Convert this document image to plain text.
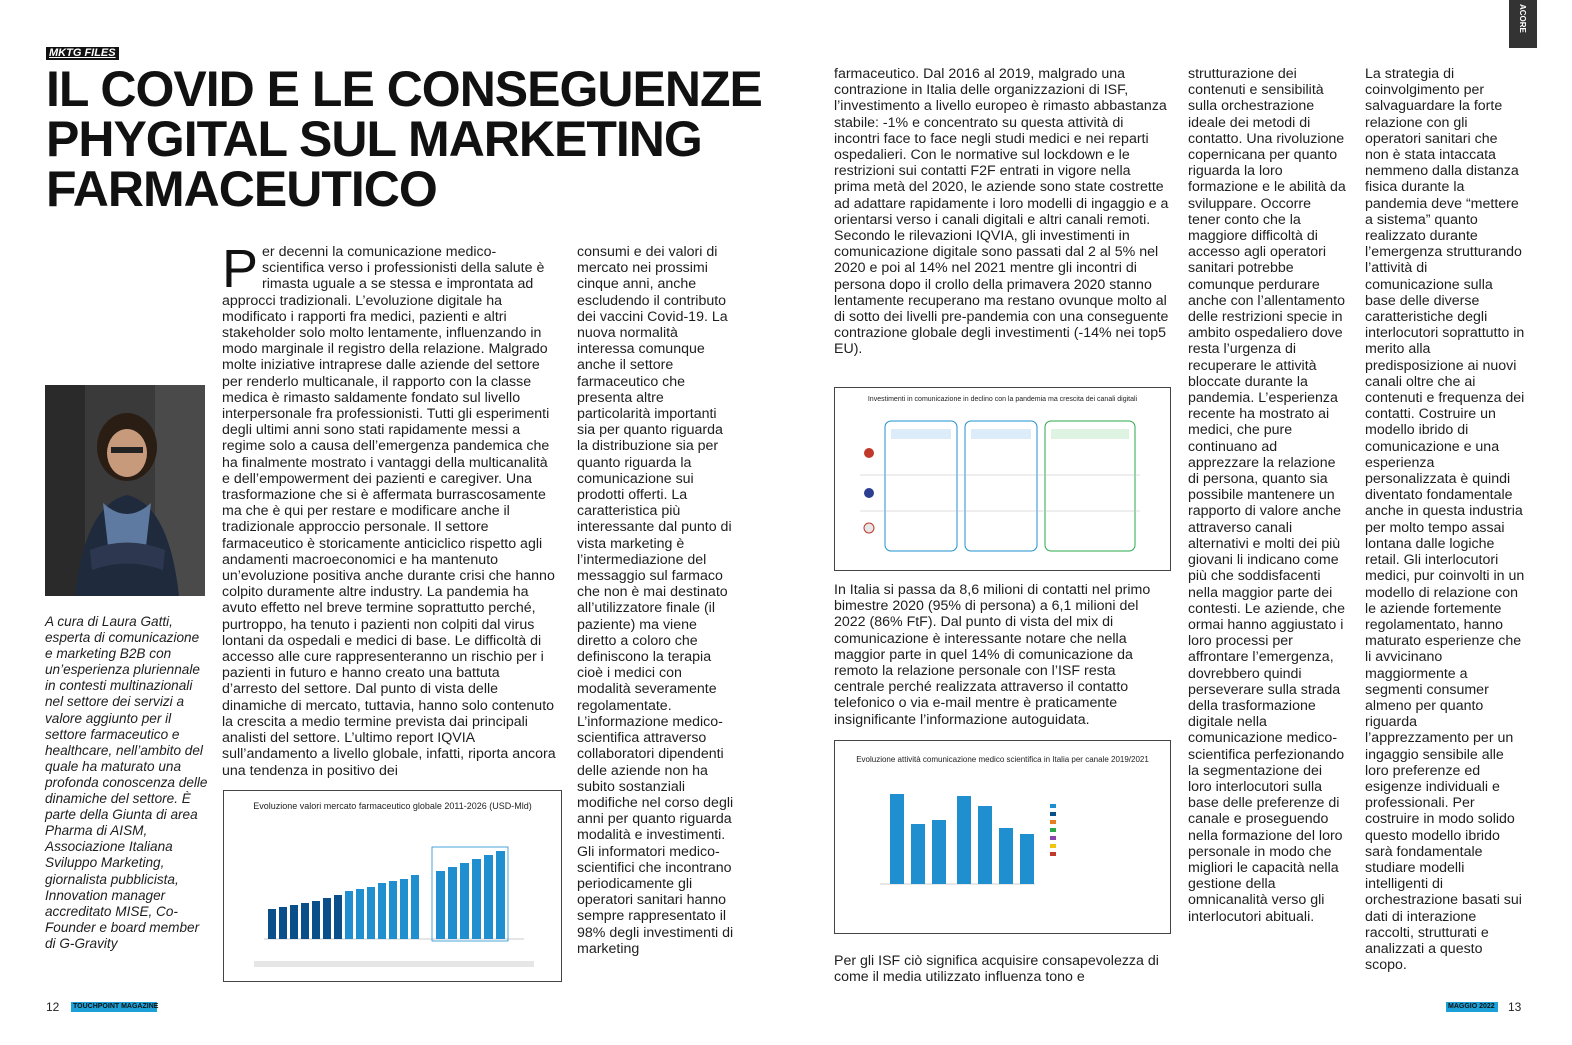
MKTG FILES
IL COVID E LE CONSEGUENZE
PHYGITAL SUL MARKETING
FARMACEUTICO
Per decenni la comunicazione medico-scientifica verso i professionisti della salute è rimasta uguale a se stessa e improntata ad approcci tradizionali. L’evoluzione digitale ha modificato i rapporti fra medici, pazienti e altri stakeholder solo molto lentamente, influenzando in modo marginale il registro della relazione. Malgrado molte iniziative intraprese dalle aziende del settore per renderlo multicanale, il rapporto con la classe medica è rimasto saldamente fondato sul livello interpersonale fra professionisti. Tutti gli esperimenti degli ultimi anni sono stati rapidamente messi a regime solo a causa dell’emergenza pandemica che ha finalmente mostrato i vantaggi della multicanalità e dell’empowerment dei pazienti e caregiver. Una trasformazione che si è affermata burrascosamente ma che è qui per restare e modificare anche il tradizionale approccio personale. Il settore farmaceutico è storicamente anticiclico rispetto agli andamenti macroeconomici e ha mantenuto un’evoluzione positiva anche durante crisi che hanno colpito duramente altre industry. La pandemia ha avuto effetto nel breve termine soprattutto perché, purtroppo, ha tenuto i pazienti non colpiti dal virus lontani da ospedali e medici di base. Le difficoltà di accesso alle cure rappresenteranno un rischio per i pazienti in futuro e hanno creato una battuta d’arresto del settore. Dal punto di vista delle dinamiche di mercato, tuttavia, hanno solo contenuto la crescita a medio termine prevista dai principali analisti del settore. L’ultimo report IQVIA sull’andamento a livello globale, infatti, riporta ancora una tendenza in positivo dei
consumi e dei valori di mercato nei prossimi cinque anni, anche escludendo il contributo dei vaccini Covid-19. La nuova normalità interessa comunque anche il settore farmaceutico che presenta altre particolarità importanti sia per quanto riguarda la distribuzione sia per quanto riguarda la comunicazione sui prodotti offerti. La caratteristica più interessante dal punto di vista marketing è l’intermediazione del messaggio sul farmaco che non è mai destinato all’utilizzatore finale (il paziente) ma viene diretto a coloro che definiscono la terapia cioè i medici con modalità severamente regolamentate. L’informazione medico-scientifica attraverso collaboratori dipendenti delle aziende non ha subito sostanziali modifiche nel corso degli anni per quanto riguarda modalità e investimenti. Gli informatori medico-scientifici che incontrano periodicamente gli operatori sanitari hanno sempre rappresentato il 98% degli investimenti di marketing
A cura di Laura Gatti, esperta di comunicazione e marketing B2B con un’esperienza pluriennale in contesti multinazionali nel settore dei servizi a valore aggiunto per il settore farmaceutico e healthcare, nell’ambito del quale ha maturato una profonda conoscenza delle dinamiche del settore. È parte della Giunta di area Pharma di AISM, Associazione Italiana Sviluppo Marketing, giornalista pubblicista, Innovation manager accreditato MISE, Co-Founder e board member di G-Gravity
Evoluzione valori mercato farmaceutico globale 2011-2026 (USD-Mld)
12 TOUCHPOINT MAGAZINE
ACORE
farmaceutico. Dal 2016 al 2019, malgrado una contrazione in Italia delle organizzazioni di ISF, l’investimento a livello europeo è rimasto abbastanza stabile: -1% e concentrato su questa attività di incontri face to face negli studi medici e nei reparti ospedalieri. Con le normative sul lockdown e le restrizioni sui contatti F2F entrati in vigore nella prima metà del 2020, le aziende sono state costrette ad adattare rapidamente i loro modelli di ingaggio e a orientarsi verso i canali digitali e altri canali remoti. Secondo le rilevazioni IQVIA, gli investimenti in comunicazione digitale sono passati dal 2 al 5% nel 2020 e poi al 14% nel 2021 mentre gli incontri di persona dopo il crollo della primavera 2020 stanno lentamente recuperano ma restano ovunque molto al di sotto dei livelli pre-pandemia con una conseguente contrazione globale degli investimenti (-14% nei top5 EU).
Investimenti in comunicazione in declino con la pandemia ma crescita dei canali digitali
In Italia si passa da 8,6 milioni di contatti nel primo bimestre 2020 (95% di persona) a 6,1 milioni del 2022 (86% FtF). Dal punto di vista del mix di comunicazione è interessante notare che nella maggior parte in quel 14% di comunicazione da remoto la relazione personale con l’ISF resta centrale perché realizzata attraverso il contatto telefonico o via e-mail mentre è praticamente insignificante l’informazione autoguidata.
Evoluzione attività comunicazione medico scientifica in Italia per canale 2019/2021
Per gli ISF ciò significa acquisire consapevolezza di come il media utilizzato influenza tono e
strutturazione dei contenuti e sensibilità sulla orchestrazione ideale dei metodi di contatto. Una rivoluzione copernicana per quanto riguarda la loro formazione e le abilità da sviluppare. Occorre tener conto che la maggiore difficoltà di accesso agli operatori sanitari potrebbe comunque perdurare anche con l’allentamento delle restrizioni specie in ambito ospedaliero dove resta l’urgenza di recuperare le attività bloccate durante la pandemia. L’esperienza recente ha mostrato ai medici, che pure continuano ad apprezzare la relazione di persona, quanto sia possibile mantenere un rapporto di valore anche attraverso canali alternativi e molti dei più giovani li indicano come più che soddisfacenti nella maggior parte dei contesti. Le aziende, che ormai hanno aggiustato i loro processi per affrontare l’emergenza, dovrebbero quindi perseverare sulla strada della trasformazione digitale nella comunicazione medico-scientifica perfezionando la segmentazione dei loro interlocutori sulla base delle preferenze di canale e proseguendo nella formazione del loro personale in modo che migliori le capacità nella gestione della omnicanalità verso gli interlocutori abituali.
La strategia di coinvolgimento per salvaguardare la forte relazione con gli operatori sanitari che non è stata intaccata nemmeno dalla distanza fisica durante la pandemia deve “mettere a sistema” quanto realizzato durante l’emergenza strutturando l’attività di comunicazione sulla base delle diverse caratteristiche degli interlocutori soprattutto in merito alla predisposizione ai nuovi canali oltre che ai contenuti e frequenza dei contatti. Costruire un modello ibrido di comunicazione e una esperienza personalizzata è quindi diventato fondamentale anche in questa industria per molto tempo assai lontana dalle logiche retail. Gli interlocutori medici, pur coinvolti in un modello di relazione con le aziende fortemente regolamentato, hanno maturato esperienze che li avvicinano maggiormente a segmenti consumer almeno per quanto riguarda l’apprezzamento per un ingaggio sensibile alle loro preferenze ed esigenze individuali e professionali. Per costruire in modo solido questo modello ibrido sarà fondamentale studiare modelli intelligenti di orchestrazione basati sui dati di interazione raccolti, strutturati e analizzati a questo scopo.
MAGGIO 2022 13
